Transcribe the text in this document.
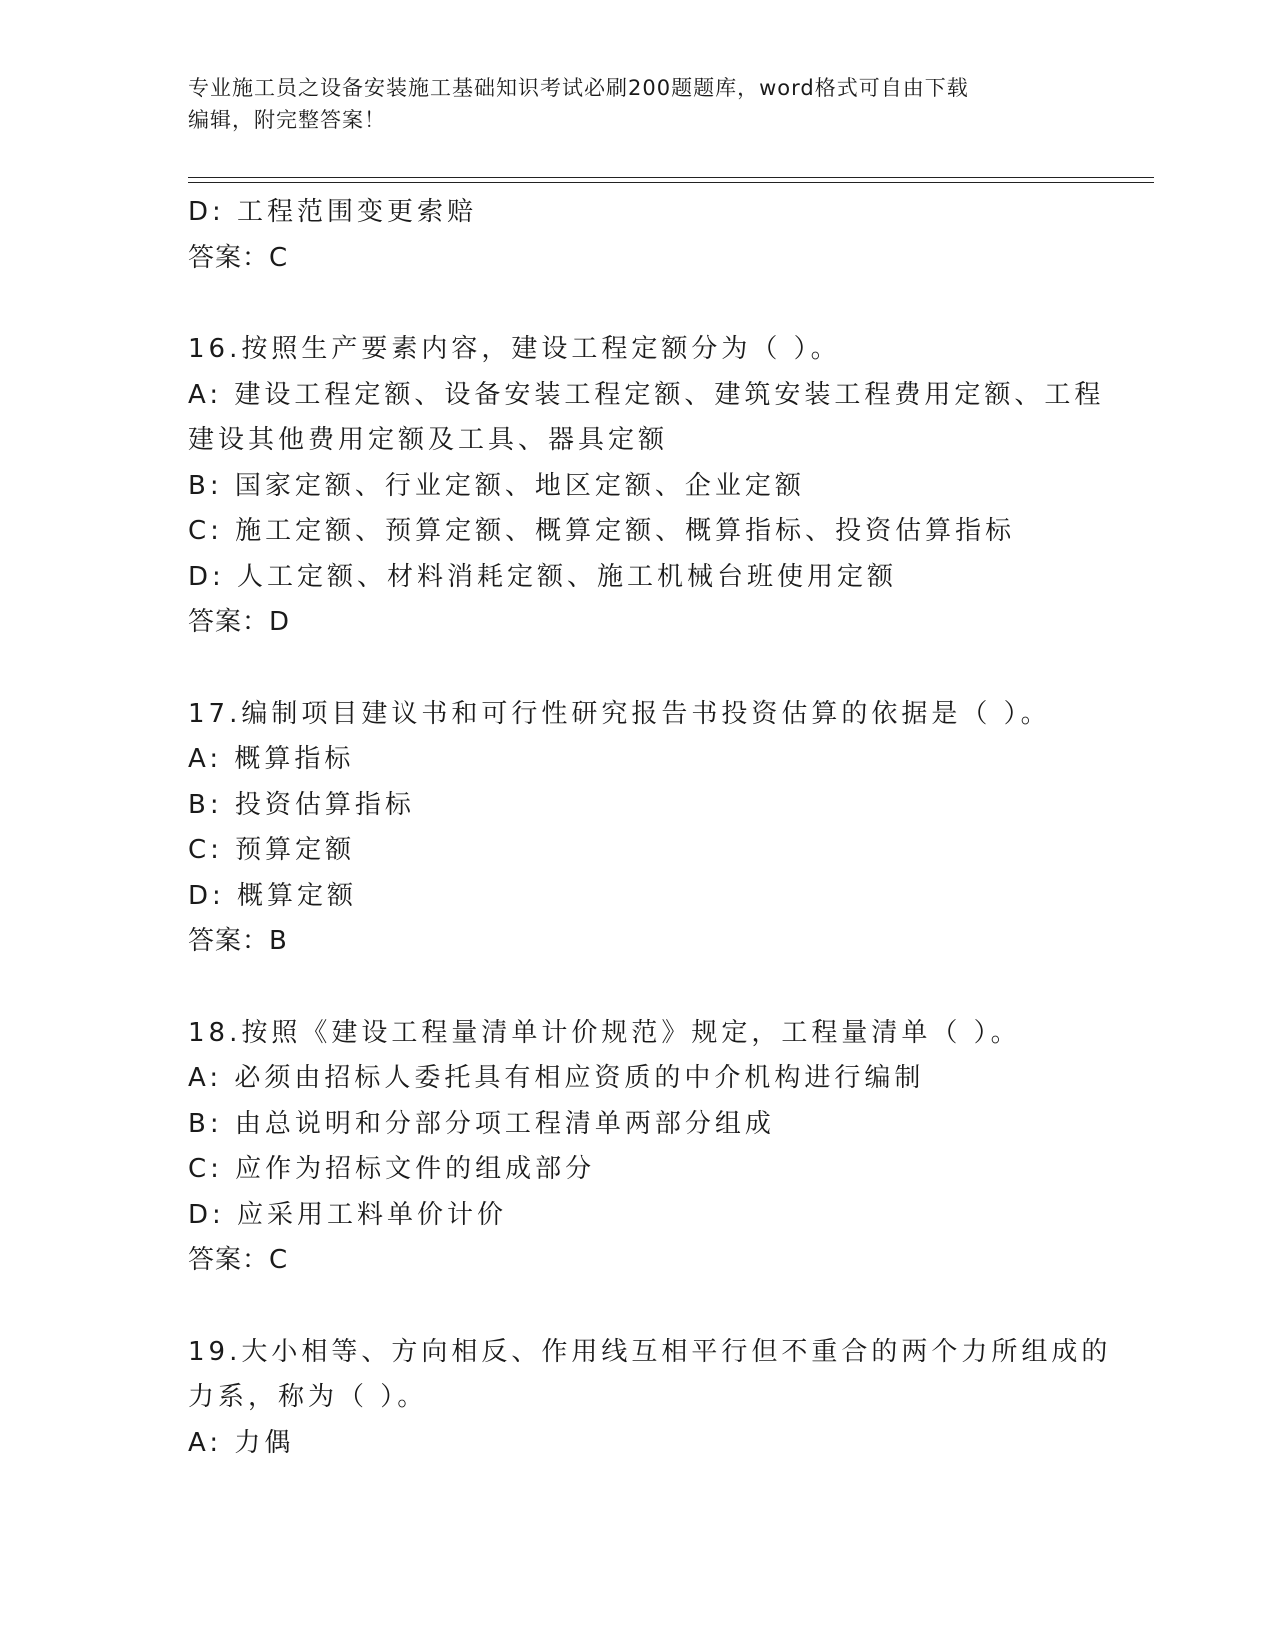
专业施工员之设备安装施工基础知识考试必刷200题题库，word格式可自由下载
编辑，附完整答案！
D: 工程范围变更索赔
答案：C
16.按照生产要素内容，建设工程定额分为（ ）。
A: 建设工程定额、设备安装工程定额、建筑安装工程费用定额、工程
建设其他费用定额及工具、器具定额
B: 国家定额、行业定额、地区定额、企业定额
C: 施工定额、预算定额、概算定额、概算指标、投资估算指标
D: 人工定额、材料消耗定额、施工机械台班使用定额
答案：D
17.编制项目建议书和可行性研究报告书投资估算的依据是（ ）。
A: 概算指标
B: 投资估算指标
C: 预算定额
D: 概算定额
答案：B
18.按照《建设工程量清单计价规范》规定，工程量清单（ ）。
A: 必须由招标人委托具有相应资质的中介机构进行编制
B: 由总说明和分部分项工程清单两部分组成
C: 应作为招标文件的组成部分
D: 应采用工料单价计价
答案：C
19.大小相等、方向相反、作用线互相平行但不重合的两个力所组成的
力系，称为（ ）。
A: 力偶
